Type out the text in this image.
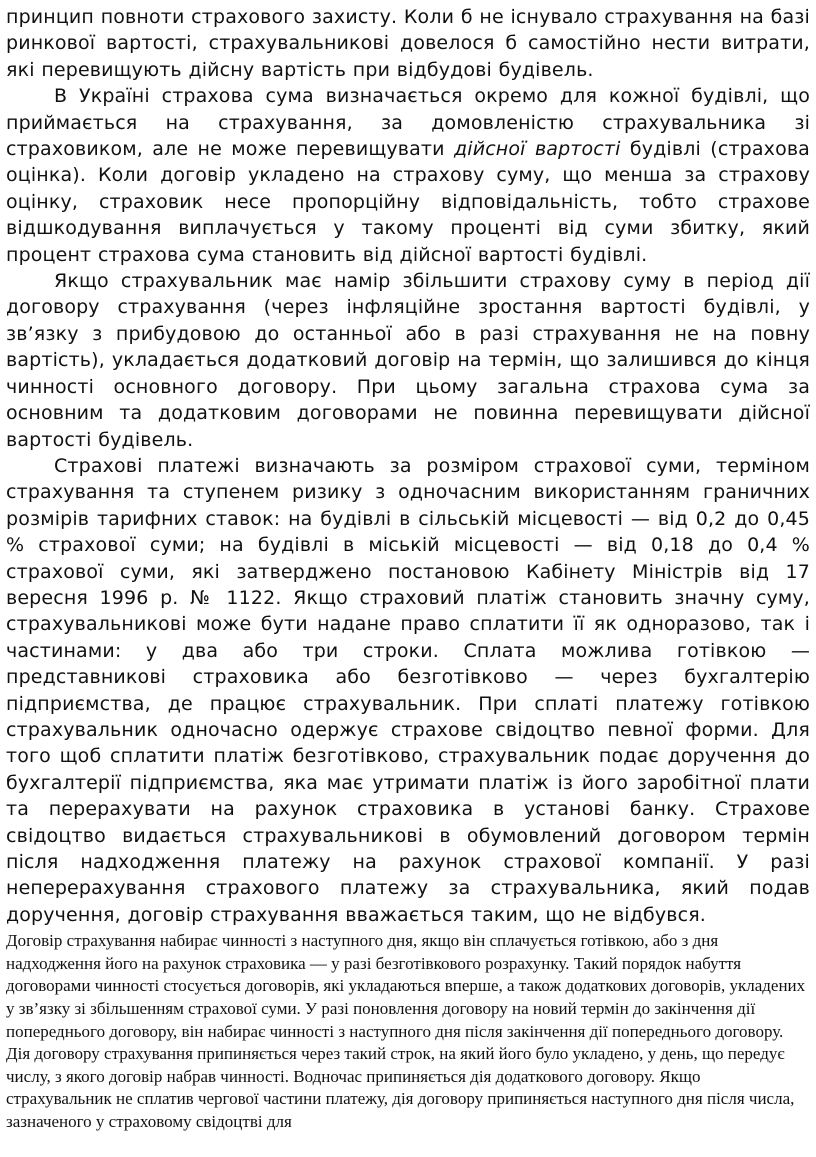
принцип повноти страхового захисту. Коли б не існувало страхування на базі ринкової вартості, страхувальникові довелося б самостійно нести витрати, які перевищують дійсну вартість при відбудові будівель.

В Україні страхова сума визначається окремо для кожної будівлі, що приймається на страхування, за домовленістю страхувальника зі страховиком, але не може перевищувати дійсної вартості будівлі (страхова оцінка). Коли договір укладено на страхову суму, що менша за страхову оцінку, страховик несе пропорційну відповідальність, тобто страхове відшкодування виплачується у такому проценті від суми збитку, який процент страхова сума становить від дійсної вартості будівлі.

Якщо страхувальник має намір збільшити страхову суму в період дії договору страхування (через інфляційне зростання вартості будівлі, у зв’язку з прибудовою до останньої або в разі страхування не на повну вартість), укладається додатковий договір на термін, що залишився до кінця чинності основного договору. При цьому загальна страхова сума за основним та додатковим договорами не повинна перевищувати дійсної вартості будівель.

Страхові платежі визначають за розміром страхової суми, терміном страхування та ступенем ризику з одночасним використанням граничних розмірів тарифних ставок: на будівлі в сільській місцевості — від 0,2 до 0,45 % страхової суми; на будівлі в міській місцевості — від 0,18 до 0,4 % страхової суми, які затверджено постановою Кабінету Міністрів від 17 вересня 1996 р. № 1122. Якщо страховий платіж становить значну суму, страхувальникові може бути надане право сплатити її як одноразово, так і частинами: у два або три строки. Сплата можлива готівкою — представникові страховика або безготівково — через бухгалтерію підприємства, де працює страхувальник. При сплаті платежу готівкою страхувальник одночасно одержує страхове свідоцтво певної форми. Для того щоб сплатити платіж безготівково, страхувальник подає доручення до бухгалтерії підприємства, яка має утримати платіж із його заробітної плати та перерахувати на рахунок страховика в установі банку. Страхове свідоцтво видається страхувальникові в обумовлений договором термін після надходження платежу на рахунок страхової компанії. У разі неперерахування страхового платежу за страхувальника, який подав доручення, договір страхування вважається таким, що не відбувся.

Договір страхування набирає чинності з наступного дня, якщо він сплачується готівкою, або з дня надходження його на рахунок страховика — у разі безготівкового розрахунку. Такий порядок набуття договорами чинності стосується договорів, які укладаються вперше, а також додаткових договорів, укладених у зв’язку зі збільшенням страхової суми. У разі поновлення договору на новий термін до закінчення дії попереднього договору, він набирає чинності з наступного дня після закінчення дії попереднього договору. Дія договору страхування припиняється через такий строк, на який його було укладено, у день, що передує числу, з якого договір набрав чинності. Водночас припиняється дія додаткового договору. Якщо страхувальник не сплатив чергової частини платежу, дія договору припиняється наступного дня після числа, зазначеного у страховому свідоцтві для
